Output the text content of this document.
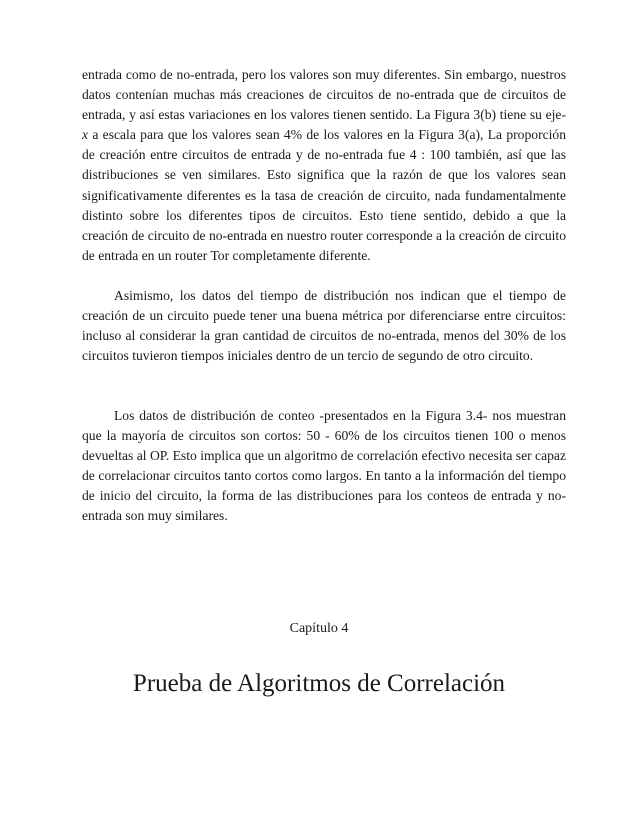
entrada como de no-entrada, pero los valores son muy diferentes. Sin embargo, nuestros datos contenían muchas más creaciones de circuitos de no-entrada que de circuitos de entrada, y así estas variaciones en los valores tienen sentido. La Figura 3(b) tiene su eje-x a escala para que los valores sean 4% de los valores en la Figura 3(a), La proporción de creación entre circuitos de entrada y de no-entrada fue 4 : 100 también, así que las distribuciones se ven similares. Esto significa que la razón de que los valores sean significativamente diferentes es la tasa de creación de circuito, nada fundamentalmente distinto sobre los diferentes tipos de circuitos. Esto tiene sentido, debido a que la creación de circuito de no-entrada en nuestro router corresponde a la creación de circuito de entrada en un router Tor completamente diferente.

Asimismo, los datos del tiempo de distribución nos indican que el tiempo de creación de un circuito puede tener una buena métrica por diferenciarse entre circuitos: incluso al considerar la gran cantidad de circuitos de no-entrada, menos del 30% de los circuitos tuvieron tiempos iniciales dentro de un tercio de segundo de otro circuito.

Los datos de distribución de conteo -presentados en la Figura 3.4- nos muestran que la mayoría de circuitos son cortos: 50 - 60% de los circuitos tienen 100 o menos devueltas al OP. Esto implica que un algoritmo de correlación efectivo necesita ser capaz de correlacionar circuitos tanto cortos como largos. En tanto a la información del tiempo de inicio del circuito, la forma de las distribuciones para los conteos de entrada y no-entrada son muy similares.

Capítulo 4
Prueba de Algoritmos de Correlación
